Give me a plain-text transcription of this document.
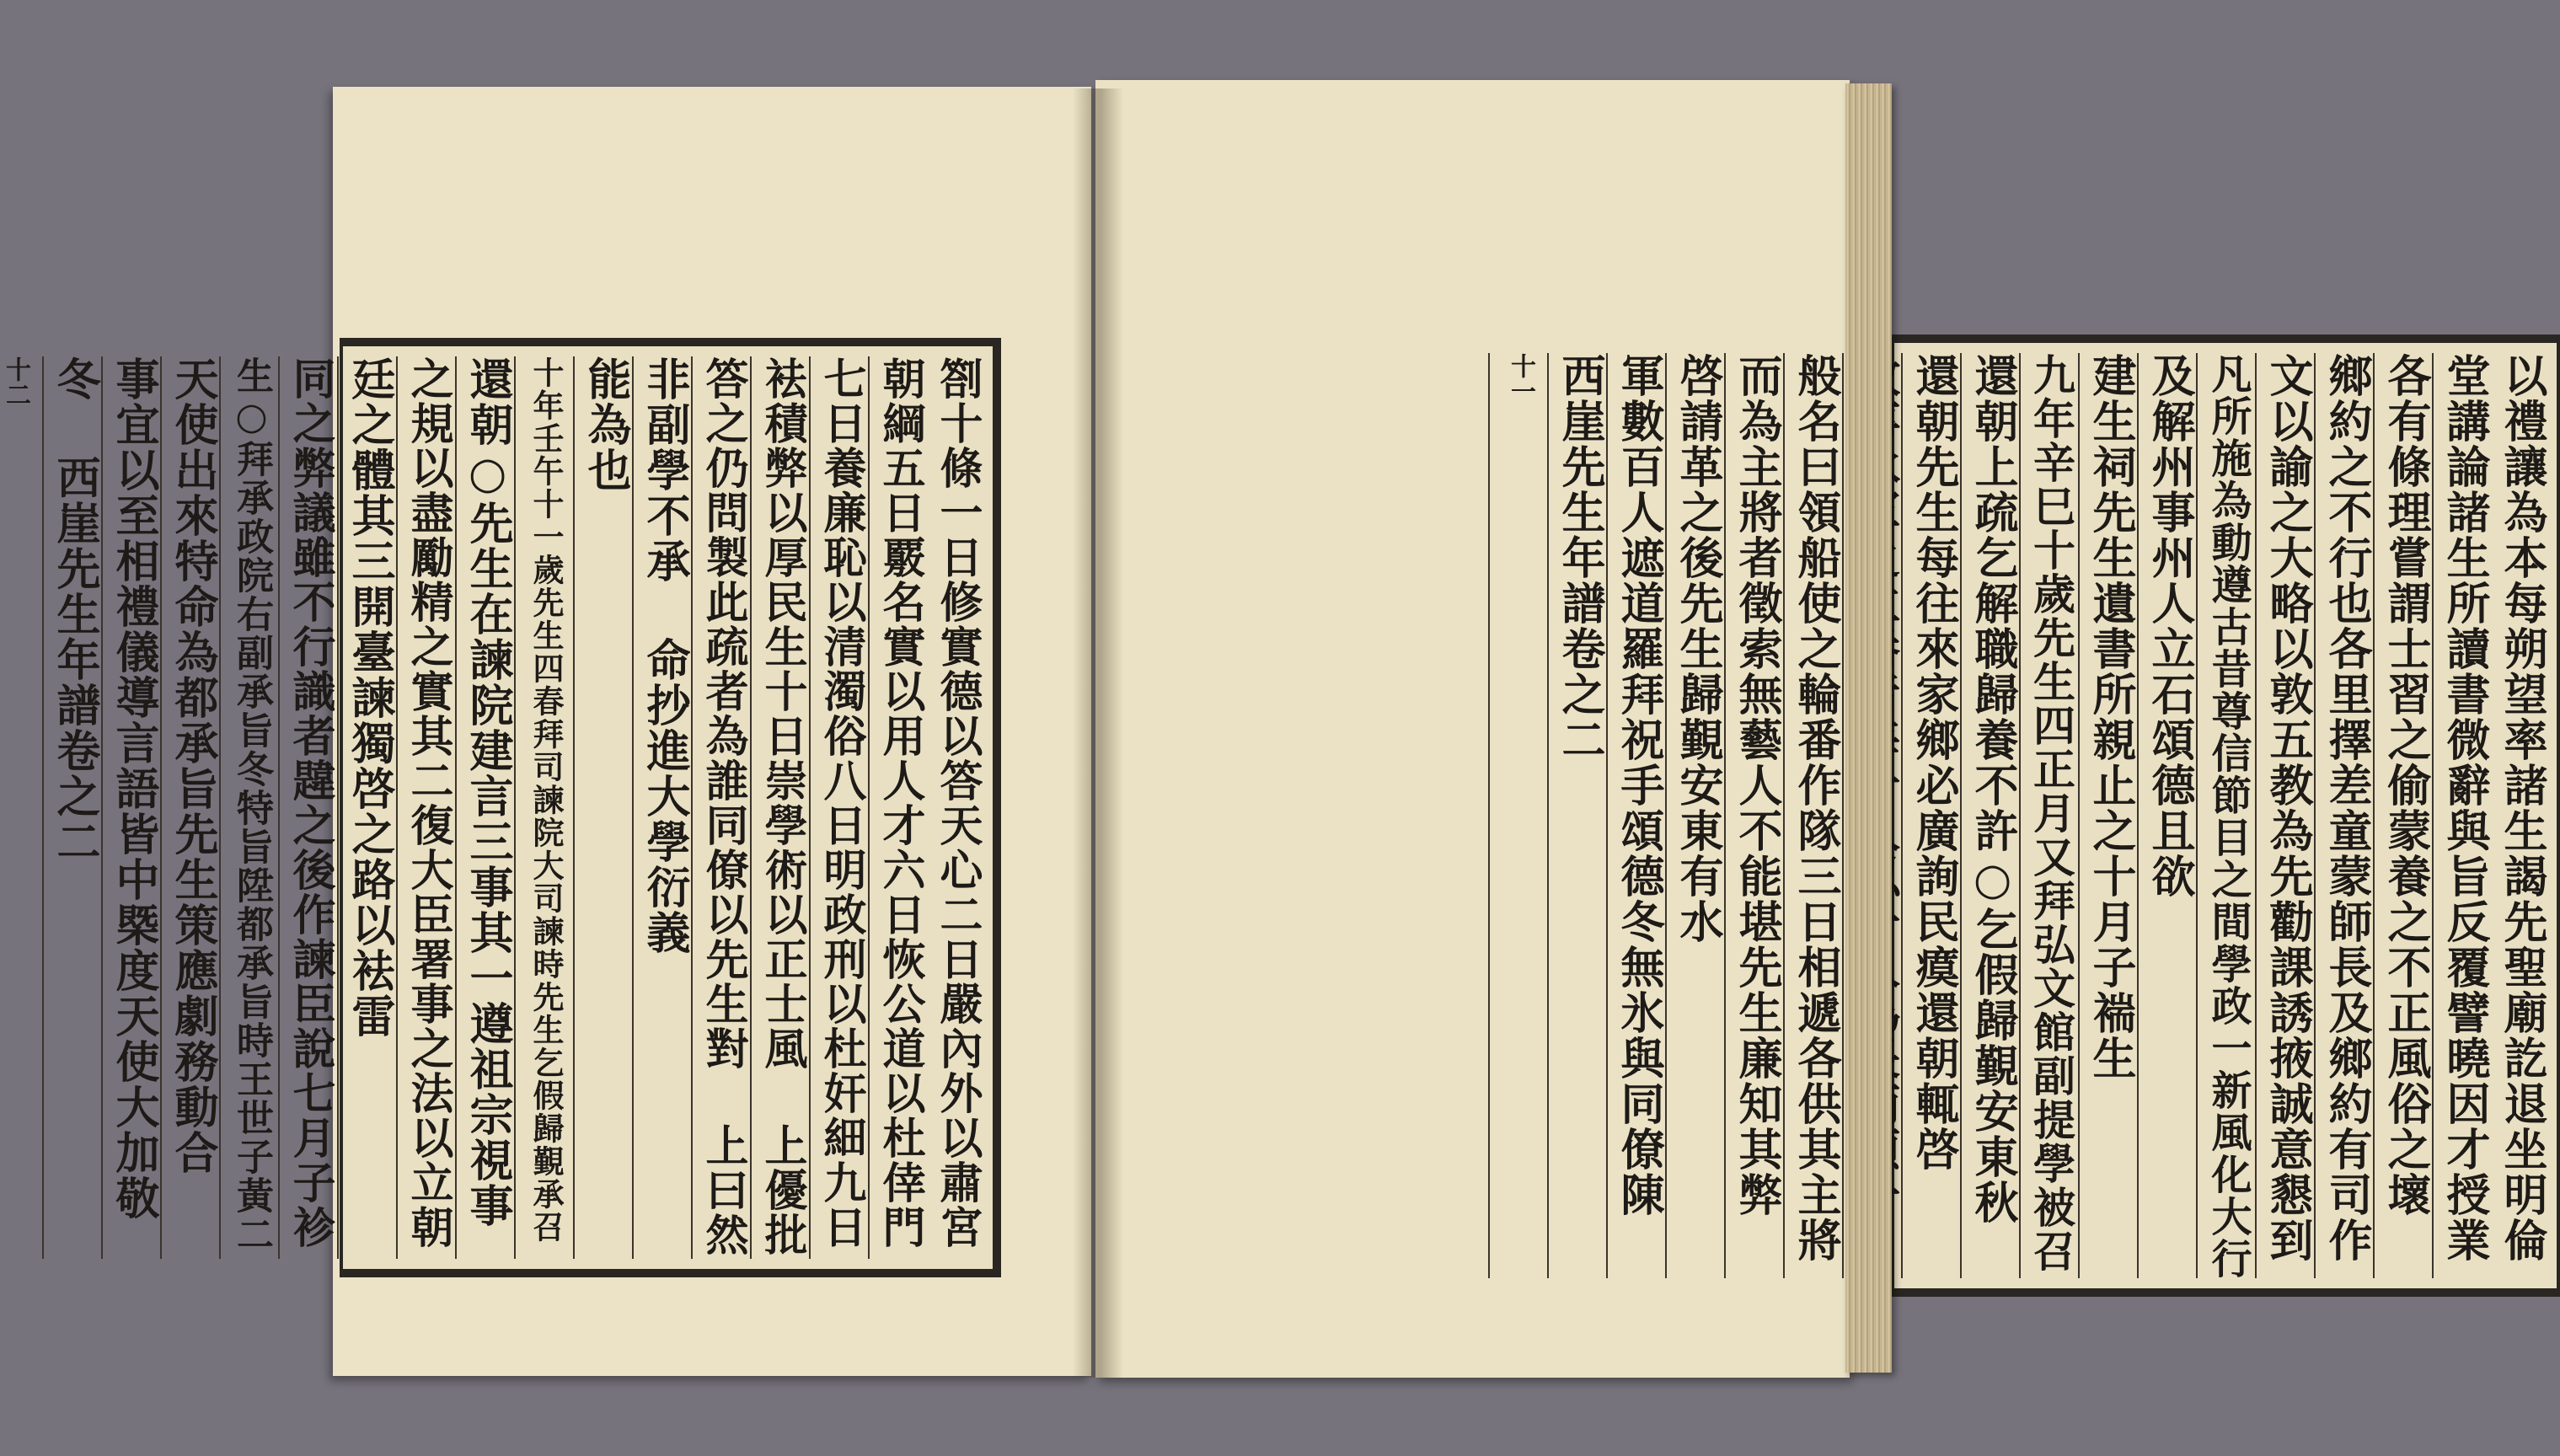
劄十條一日修實德以答天心二日嚴內外以肅宮
朝綱五日覈名實以用人才六日恢公道以杜倖門
七日養廉恥以清濁俗八日明政刑以杜奸細九日
袪積弊以厚民生十日崇學術以正士風 上優批
答之仍問製此疏者為誰同僚以先生對 上曰然
非副學不承 命抄進大學衍義
能為也
十年壬午十一歲先生四春拜司諫院大司諫時先生乞假歸覲承召
還朝○先生在諫院建言三事其一遵祖宗視事
之規以盡勵精之實其二復大臣署事之法以立朝
廷之體其三開臺諫獨啓之路以袪雷
同之弊議雖不行識者韙之後作諫臣說七月子袗
生○拜承政院右副承旨冬特旨陞都承旨時王世子黃二
天使出來特命為都承旨先生策應劇務動合
事宜以至相禮儀導言語皆中槩度天使大加敬
冬 西崖先生年譜卷之二
十二	以禮讓為本每朔望率諸生謁先聖廟訖退坐明倫
堂講論諸生所讀書微辭與旨反覆譬曉因才授業
各有條理嘗謂士習之偷蒙養之不正風俗之壞
鄉約之不行也各里擇差童蒙師長及鄉約有司作
文以諭之大略以敦五教為先勸課誘掖誠意懇到
凡所施為動遵古昔尊信節目之間學政一新風化大行
及解州事州人立石頌德且欲
建生祠先生遺書所親止之十月子褍生
九年辛巳十歲先生四正月又拜弘文館副提學被召
還朝上疏乞解職歸養不許○乞假歸覲安東秋
還朝先生每往來家鄉必廣詢民瘼還朝輒啓
般名曰領船使之輪番作隊三日相遞各供其主將
而為主將者徵索無藝人不能堪先生廉知其弊
啓請革之後先生歸覲安東有水
軍數百人遮道羅拜祝手頌德冬無氷與同僚陳
西崖先生年譜卷之二
十一
